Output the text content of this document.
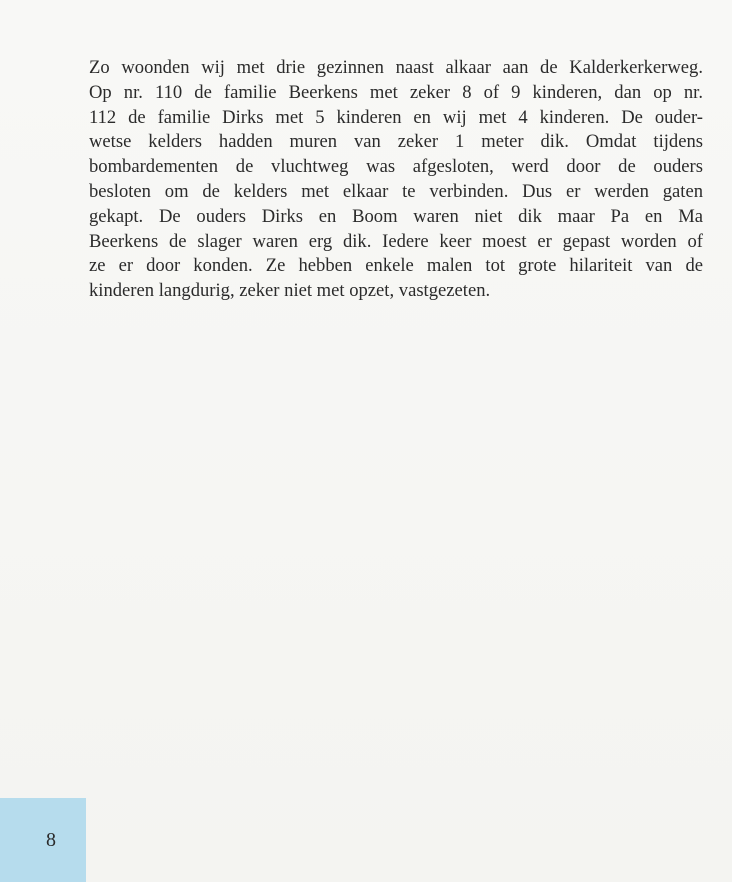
Zo woonden wij met drie gezinnen naast alkaar aan de Kalderkerkerweg.
Op nr. 110 de familie Beerkens met zeker 8 of 9 kinderen, dan op nr.
112 de familie Dirks met 5 kinderen en wij met 4 kinderen. De ouder-
wetse kelders hadden muren van zeker 1 meter dik. Omdat tijdens
bombardementen de vluchtweg was afgesloten, werd door de ouders
besloten om de kelders met elkaar te verbinden. Dus er werden gaten
gekapt. De ouders Dirks en Boom waren niet dik maar Pa en Ma
Beerkens de slager waren erg dik. Iedere keer moest er gepast worden of
ze er door konden. Ze hebben enkele malen tot grote hilariteit van de
kinderen langdurig, zeker niet met opzet, vastgezeten.

8
